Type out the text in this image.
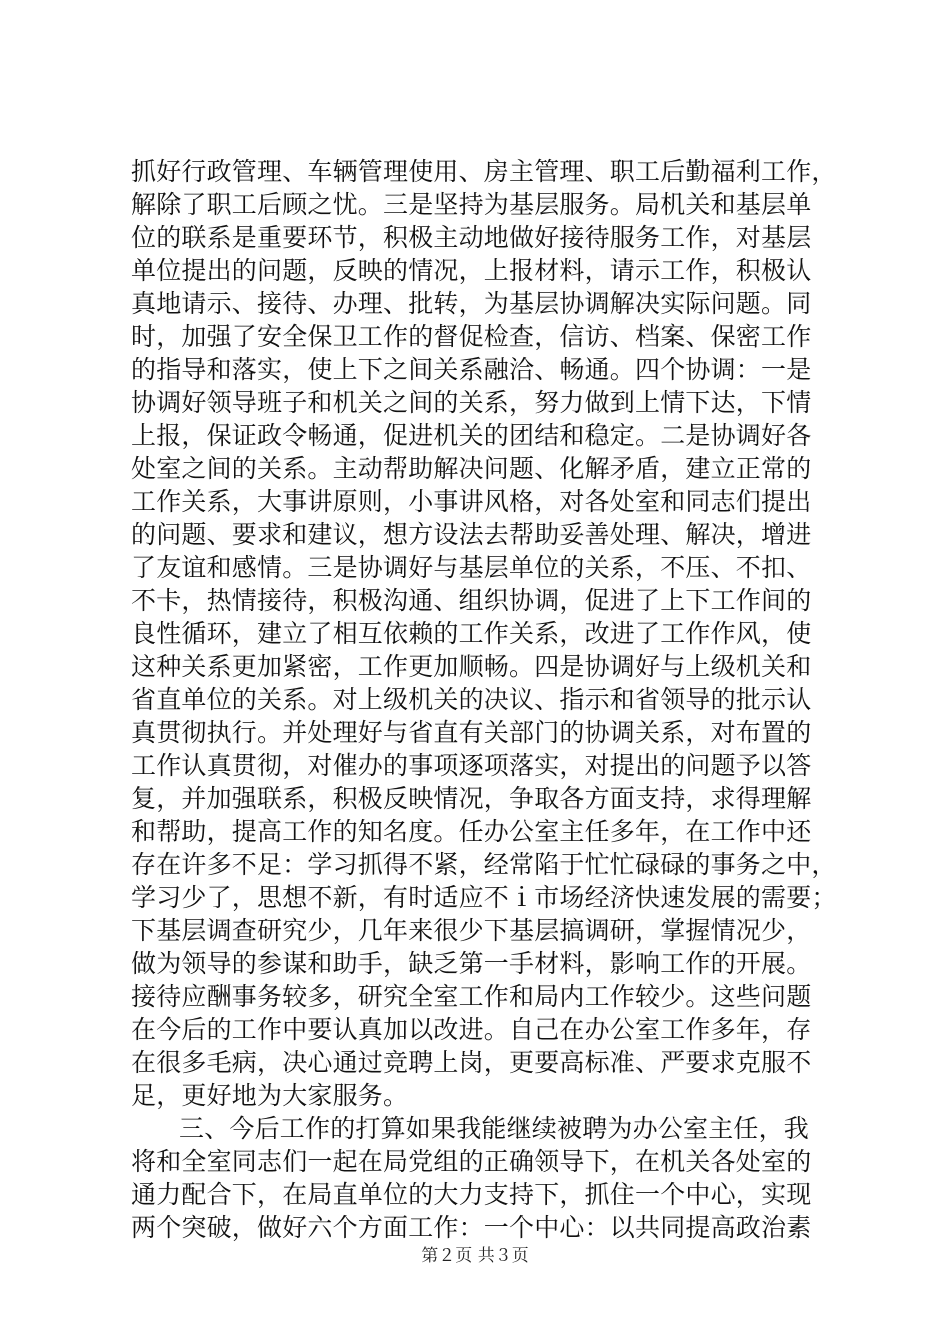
抓好行政管理、车辆管理使用、房主管理、职工后勤福利工作，
解除了职工后顾之忧。三是坚持为基层服务。局机关和基层单
位的联系是重要环节，积极主动地做好接待服务工作，对基层
单位提出的问题，反映的情况，上报材料，请示工作，积极认
真地请示、接待、办理、批转，为基层协调解决实际问题。同
时，加强了安全保卫工作的督促检查，信访、档案、保密工作
的指导和落实，使上下之间关系融洽、畅通。四个协调：一是
协调好领导班子和机关之间的关系，努力做到上情下达，下情
上报，保证政令畅通，促进机关的团结和稳定。二是协调好各
处室之间的关系。主动帮助解决问题、化解矛盾，建立正常的
工作关系，大事讲原则，小事讲风格，对各处室和同志们提出
的问题、要求和建议，想方设法去帮助妥善处理、解决，增进
了友谊和感情。三是协调好与基层单位的关系，不压、不扣、
不卡，热情接待，积极沟通、组织协调，促进了上下工作间的
良性循环，建立了相互依赖的工作关系，改进了工作作风，使
这种关系更加紧密，工作更加顺畅。四是协调好与上级机关和
省直单位的关系。对上级机关的决议、指示和省领导的批示认
真贯彻执行。并处理好与省直有关部门的协调关系，对布置的
工作认真贯彻，对催办的事项逐项落实，对提出的问题予以答
复，并加强联系，积极反映情况，争取各方面支持，求得理解
和帮助，提高工作的知名度。任办公室主任多年，在工作中还
存在许多不足：学习抓得不紧，经常陷于忙忙碌碌的事务之中，
学习少了，思想不新，有时适应不ｉ市场经济快速发展的需要；
下基层调查研究少，几年来很少下基层搞调研，掌握情况少，
做为领导的参谋和助手，缺乏第一手材料，影响工作的开展。
接待应酬事务较多，研究全室工作和局内工作较少。这些问题
在今后的工作中要认真加以改进。自己在办公室工作多年，存
在很多毛病，决心通过竞聘上岗，更要高标准、严要求克服不
足，更好地为大家服务。
三、今后工作的打算如果我能继续被聘为办公室主任，我
将和全室同志们一起在局党组的正确领导下，在机关各处室的
通力配合下，在局直单位的大力支持下，抓住一个中心，实现
两个突破，做好六个方面工作：一个中心：以共同提高政治素
第２页 共３页
